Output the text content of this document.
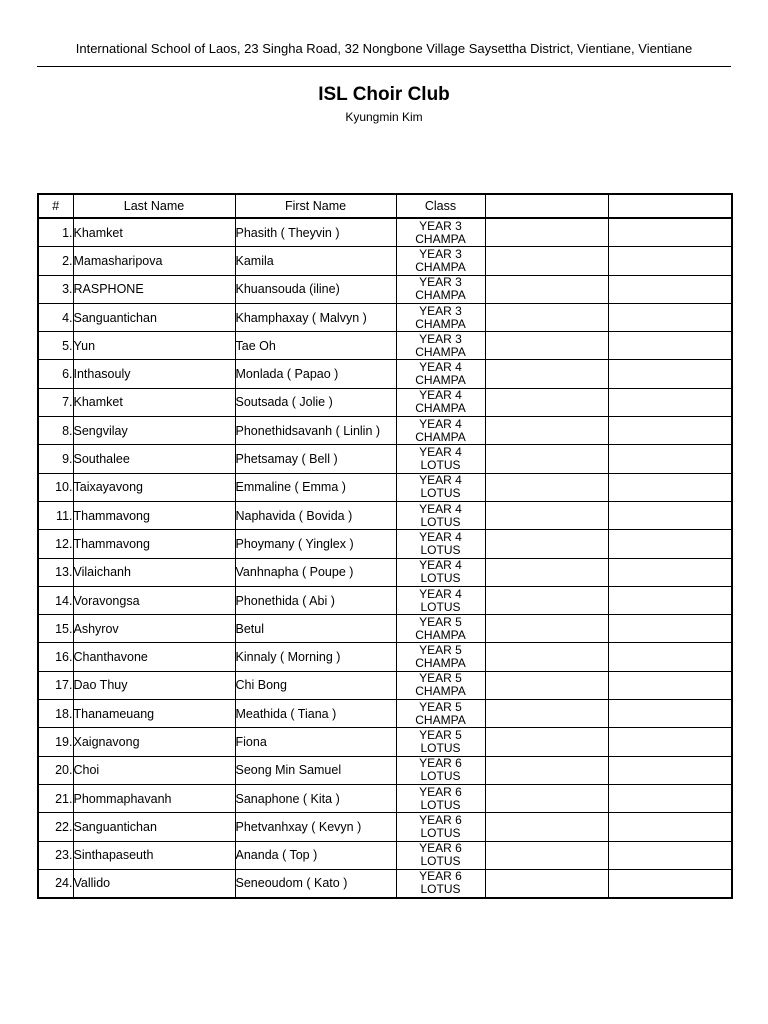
International School of Laos, 23 Singha Road, 32 Nongbone Village Saysettha District, Vientiane, Vientiane
ISL Choir Club
Kyungmin Kim
#	Last Name	First Name	Class		
1.	Khamket	Phasith ( Theyvin )	YEAR 3
CHAMPA		

2.	Mamasharipova	Kamila	YEAR 3
CHAMPA		

3.	RASPHONE	Khuansouda (iline)	YEAR 3
CHAMPA		

4.	Sanguantichan	Khamphaxay ( Malvyn )	YEAR 3
CHAMPA		

5.	Yun	Tae Oh	YEAR 3
CHAMPA		

6.	Inthasouly	Monlada ( Papao )	YEAR 4
CHAMPA		

7.	Khamket	Soutsada ( Jolie )	YEAR 4
CHAMPA		

8.	Sengvilay	Phonethidsavanh ( Linlin )	YEAR 4
CHAMPA		

9.	Southalee	Phetsamay ( Bell )	YEAR 4
LOTUS		

10.	Taixayavong	Emmaline ( Emma )	YEAR 4
LOTUS		

11.	Thammavong	Naphavida ( Bovida )	YEAR 4
LOTUS		

12.	Thammavong	Phoymany ( Yinglex )	YEAR 4
LOTUS		

13.	Vilaichanh	Vanhnapha ( Poupe )	YEAR 4
LOTUS		

14.	Voravongsa	Phonethida ( Abi )	YEAR 4
LOTUS		

15.	Ashyrov	Betul	YEAR 5
CHAMPA		

16.	Chanthavone	Kinnaly ( Morning )	YEAR 5
CHAMPA		

17.	Dao Thuy	Chi Bong	YEAR 5
CHAMPA		

18.	Thanameuang	Meathida ( Tiana )	YEAR 5
CHAMPA		

19.	Xaignavong	Fiona	YEAR 5
LOTUS		

20.	Choi	Seong Min Samuel	YEAR 6
LOTUS		

21.	Phommaphavanh	Sanaphone ( Kita )	YEAR 6
LOTUS		

22.	Sanguantichan	Phetvanhxay ( Kevyn )	YEAR 6
LOTUS		

23.	Sinthapaseuth	Ananda ( Top )	YEAR 6
LOTUS		

24.	Vallido	Seneoudom ( Kato )	YEAR 6
LOTUS		
